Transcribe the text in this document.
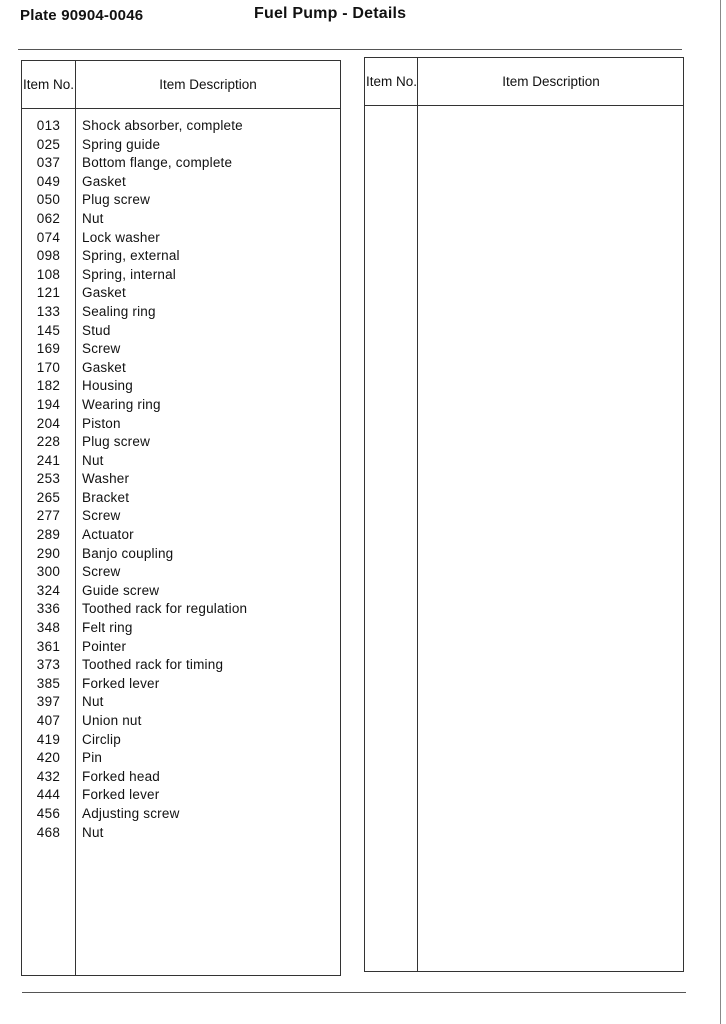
Plate 90904-0046	Fuel Pump - Details
Item No.	Item Description
013	Shock absorber, complete
025	Spring guide
037	Bottom flange, complete
049	Gasket
050	Plug screw
062	Nut
074	Lock washer
098	Spring, external
108	Spring, internal
121	Gasket
133	Sealing ring
145	Stud
169	Screw
170	Gasket
182	Housing
194	Wearing ring
204	Piston
228	Plug screw
241	Nut
253	Washer
265	Bracket
277	Screw
289	Actuator
290	Banjo coupling
300	Screw
324	Guide screw
336	Toothed rack for regulation
348	Felt ring
361	Pointer
373	Toothed rack for timing
385	Forked lever
397	Nut
407	Union nut
419	Circlip
420	Pin
432	Forked head
444	Forked lever
456	Adjusting screw
468	Nut
Item No.	Item Description
